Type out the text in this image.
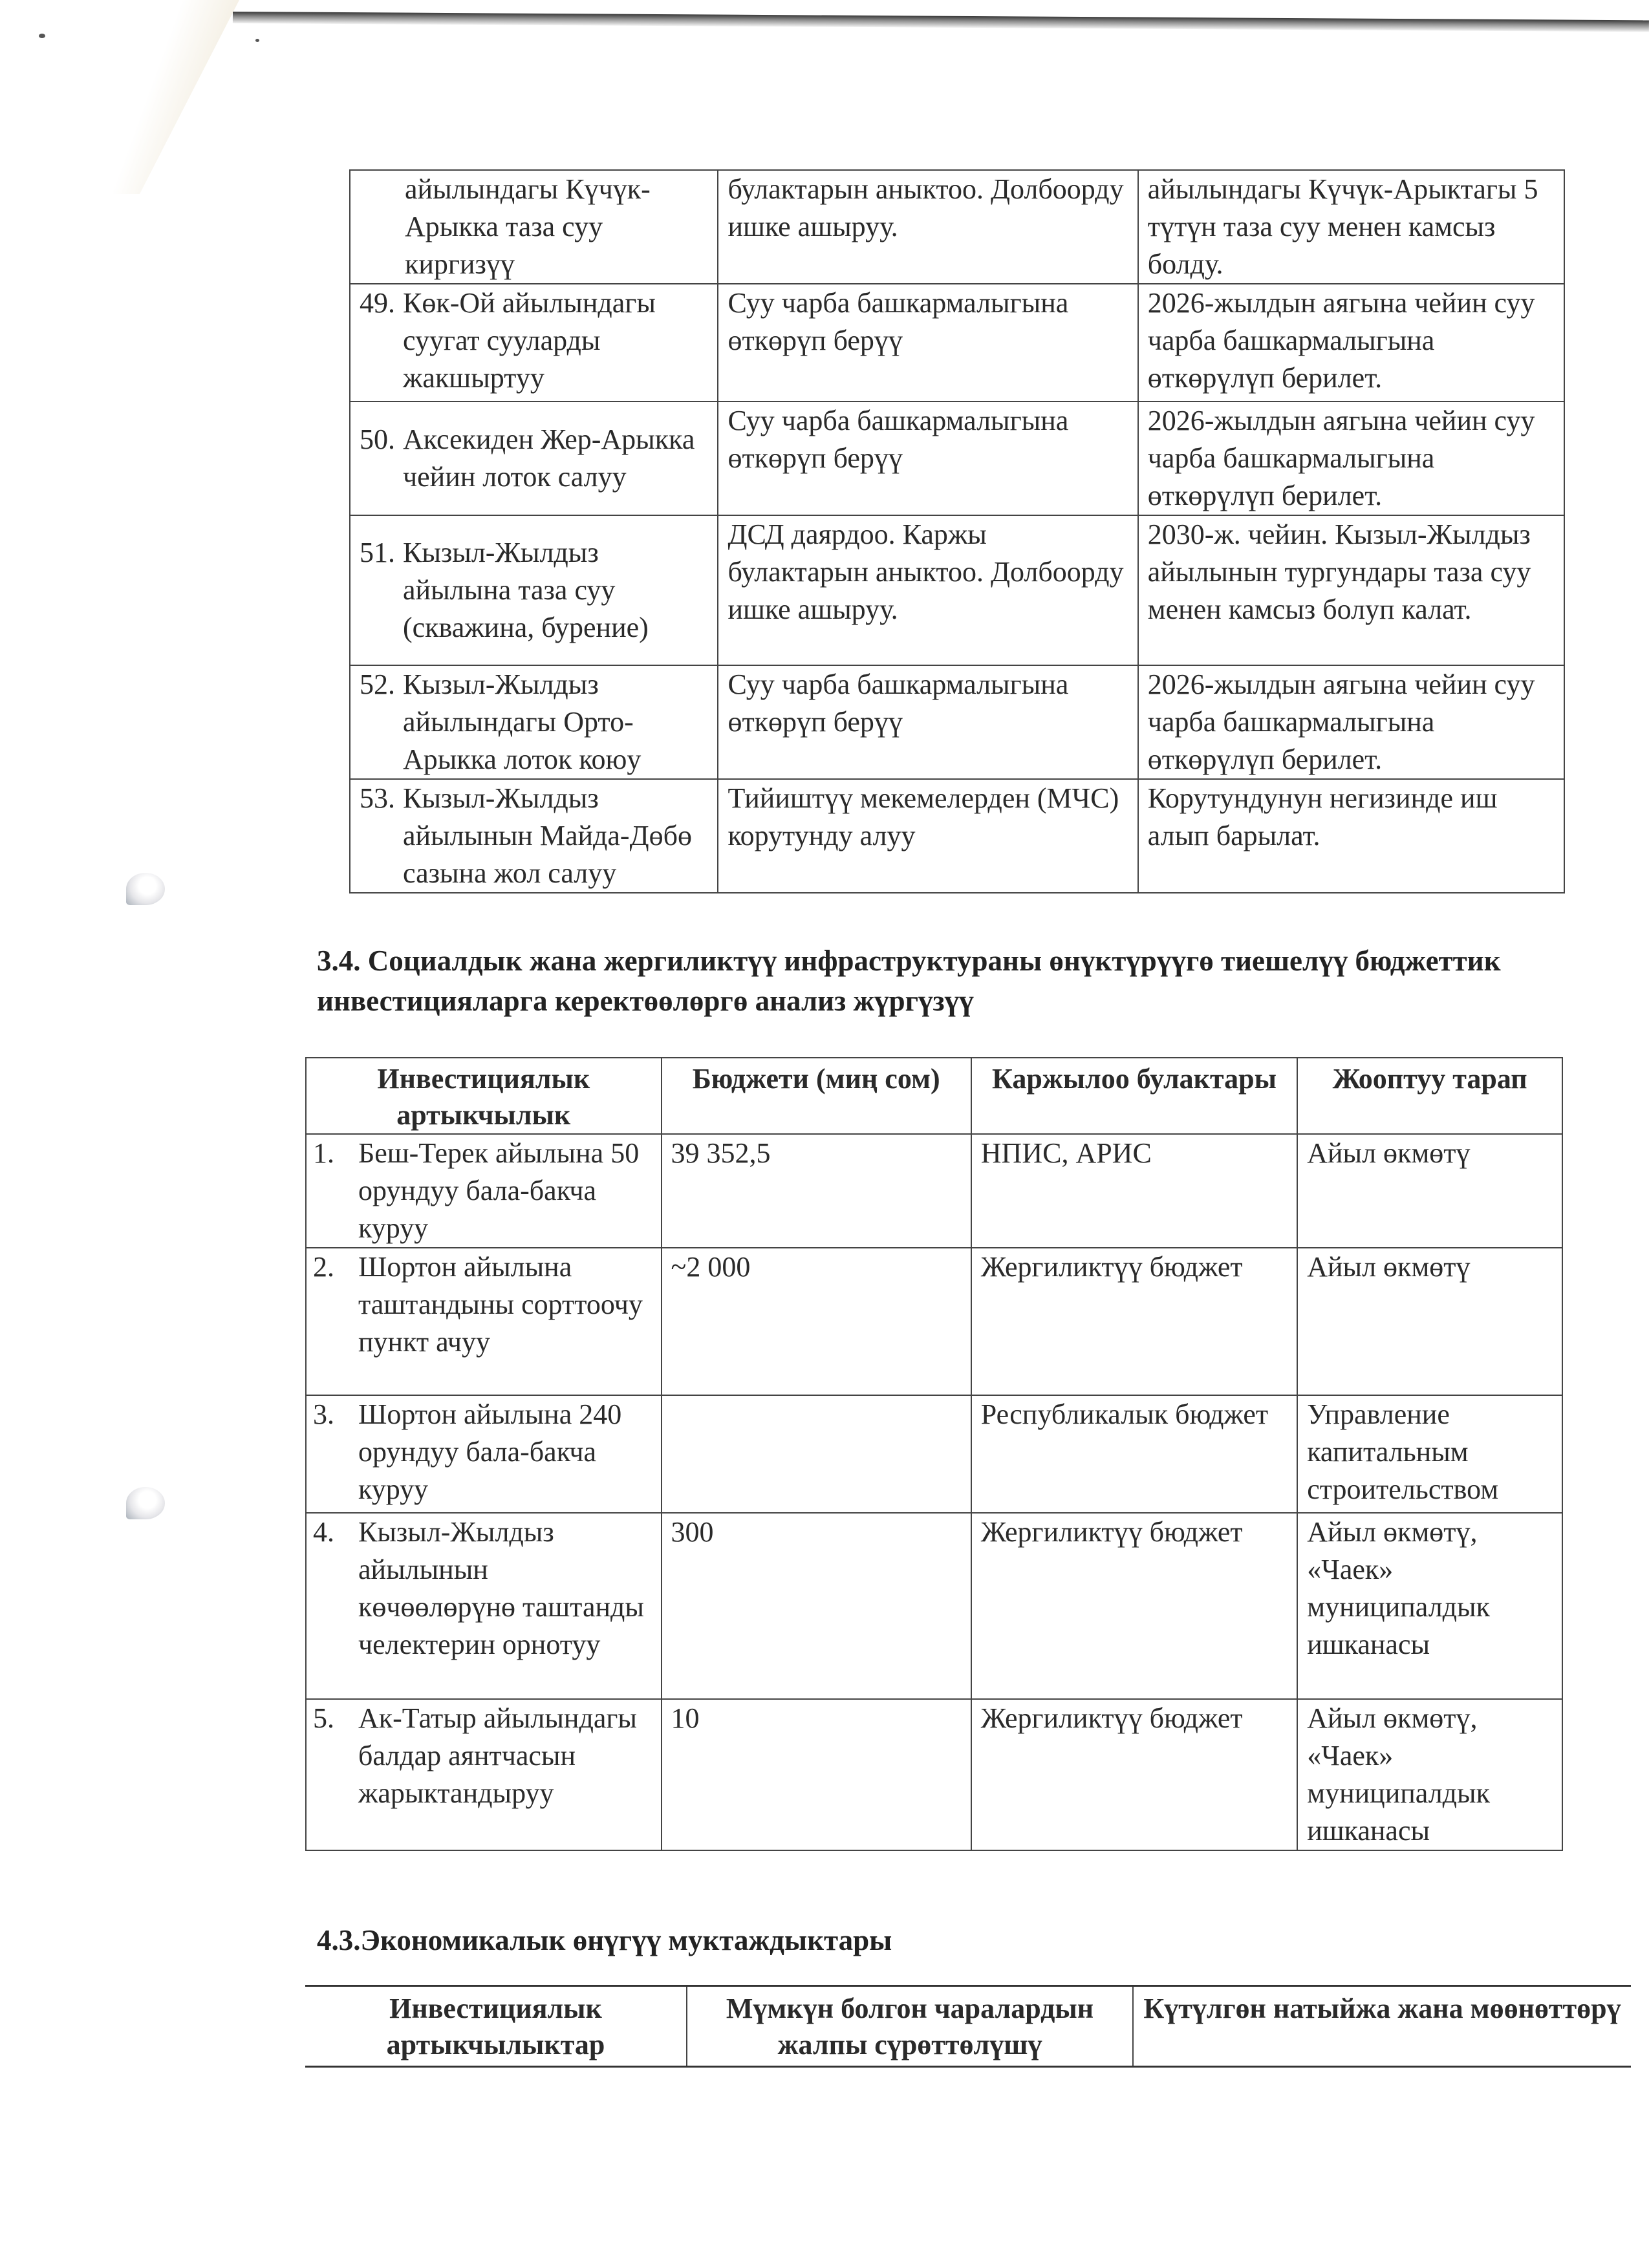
айылындагы Күчүк-Арыкка таза суу киргизүү	булактарын аныктоо. Долбоорду ишке ашыруу.	айылындагы Күчүк-Арыктагы 5 түтүн таза суу менен камсыз болду.

49. Көк-Ой айылындагы суугат сууларды жакшыртуу	Суу чарба башкармалыгына өткөрүп берүү	2026-жылдын аягына чейин суу чарба башкармалыгына өткөрүлүп берилет.

50. Аксекиден Жер-Арыкка чейин лоток салуу	Суу чарба башкармалыгына өткөрүп берүү	2026-жылдын аягына чейин суу чарба башкармалыгына өткөрүлүп берилет.

51. Кызыл-Жылдыз айылына таза суу (скважина, бурение)	ДСД даярдоо. Каржы булактарын аныктоо. Долбоорду ишке ашыруу.	2030-ж. чейин. Кызыл-Жылдыз айылынын тургундары таза суу менен камсыз болуп калат.

52. Кызыл-Жылдыз айылындагы Орто-Арыкка лоток коюу	Суу чарба башкармалыгына өткөрүп берүү	2026-жылдын аягына чейин суу чарба башкармалыгына өткөрүлүп берилет.

53. Кызыл-Жылдыз айылынын Майда-Дөбө сазына жол салуу	Тийиштүү мекемелерден (МЧС) корутунду алуу	Корутундунун негизинде иш алып барылат.
3.4. Социалдык жана жергиликтүү инфраструктураны өнүктүрүүгө тиешелүү бюджеттик инвестицияларга керектөөлөргө анализ жүргүзүү
Инвестициялык артыкчылык	Бюджети (миң сом)	Каржылоо булактары	Жооптуу тарап

1. Беш-Терек айылына 50 орундуу бала-бакча куруу	39 352,5	НПИС, АРИС	Айыл өкмөтү

2. Шортон айылына таштандыны сорттоочу пункт ачуу	~2 000	Жергиликтүү бюджет	Айыл өкмөтү

3. Шортон айылына 240 орундуу бала-бакча куруу		Республикалык бюджет	Управление капитальным строительством

4. Кызыл-Жылдыз айылынын көчөөлөрүнө таштанды челектерин орнотуу	300	Жергиликтүү бюджет	Айыл өкмөтү, «Чаек» муниципалдык ишканасы

5. Ак-Татыр айылындагы балдар аянтчасын жарыктандыруу	10	Жергиликтүү бюджет	Айыл өкмөтү, «Чаек» муниципалдык ишканасы
4.3.Экономикалык өнүгүү муктаждыктары
Инвестициялык артыкчылыктар	Мүмкүн болгон чаралардын жалпы сүрөттөлүшү	Күтүлгөн натыйжа жана мөөнөттөрү
